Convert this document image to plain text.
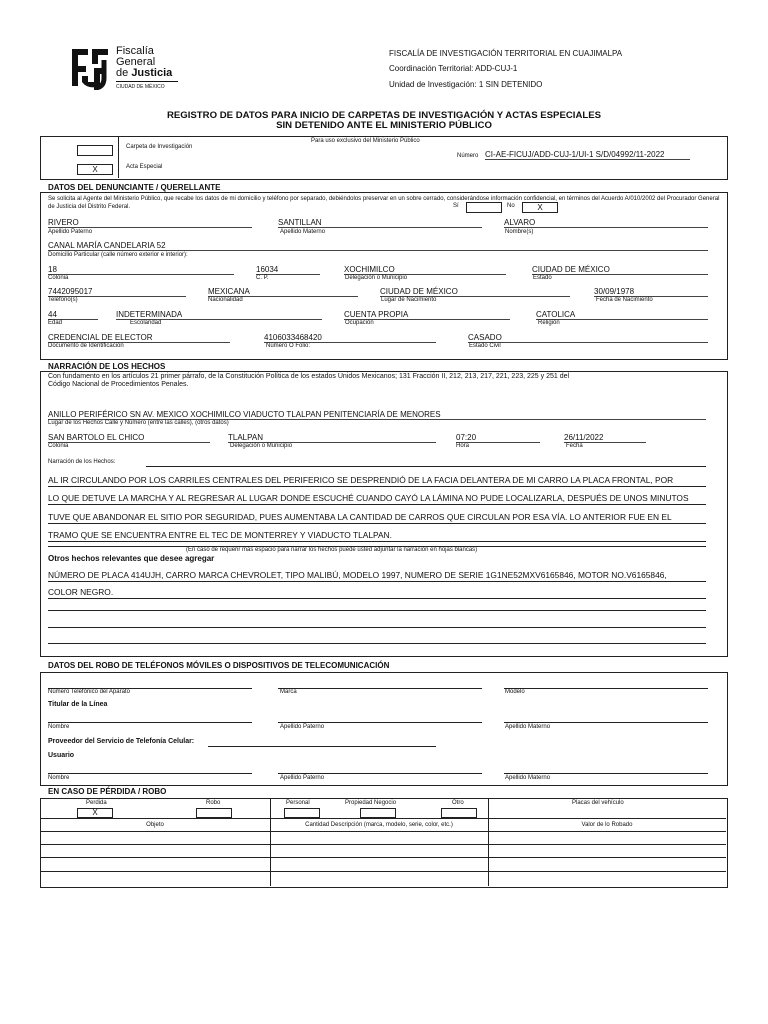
Fiscalía
General
de Justicia
CIUDAD DE MÉXICO
FISCALÍA DE INVESTIGACIÓN TERRITORIAL EN CUAJIMALPA
Coordinación Territorial: ADD-CUJ-1
Unidad de Investigación: 1 SIN DETENIDO
REGISTRO DE DATOS PARA INICIO DE CARPETAS DE INVESTIGACIÓN Y ACTAS ESPECIALES
SIN DETENIDO ANTE EL MINISTERIO PÚBLICO
Para uso exclusivo del Ministerio Público
Carpeta de Investigación
X	Acta Especial
Número CI-AE-FICUJ/ADD-CUJ-1/UI-1 S/D/04992/11-2022
DATOS DEL DENUNCIANTE / QUERELLANTE
Se solicita al Agente del Ministerio Público, que recabe los datos de mi domicilio y teléfono por separado, debiéndolos preservar en un sobre cerrado, considerándose información confidencial, en términos del Acuerdo A/010/2002 del Procurador General de Justicia del Distrito Federal.	Sí	No	X
RIVERO
Apellido Paterno
SANTILLAN
Apellido Materno
ALVARO
Nombre(s)
CANAL MARÍA CANDELARIA 52
Domicilio Particular (calle número exterior e interior):
18
Colonia
16034
C. P.
XOCHIMILCO
Delegación o Municipio
CIUDAD DE MÉXICO
Estado
7442095017
Teléfono(s)
MEXICANA
Nacionalidad
CIUDAD DE MÉXICO
Lugar de Nacimiento
30/09/1978
Fecha de Nacimiento
44
Edad
INDETERMINADA
Escolaridad
CUENTA PROPIA
Ocupación
CATOLICA
Religión
CREDENCIAL DE ELECTOR
Documento de Identificación
4106033468420
Número O Folio:
CASADO
Estado Civil
NARRACIÓN DE LOS HECHOS
Con fundamento en los artículos 21 primer párrafo, de la Constitución Política de los estados Unidos Mexicanos; 131 Fracción II, 212, 213, 217, 221, 223, 225 y 251 del
Código Nacional de Procedimientos Penales.
ANILLO PERIFÉRICO SN AV. MEXICO XOCHIMILCO VIADUCTO TLALPAN PENITENCIARÍA DE MENORES
Lugar de los Hechos Calle y Número (entre las calles), (otros datos)
SAN BARTOLO EL CHICO
Colonia
TLALPAN
Delegación o Municipio
07:20
Hora
26/11/2022
Fecha
Narración de los Hechos:
AL IR CIRCULANDO POR LOS CARRILES CENTRALES DEL PERIFERICO SE DESPRENDIÓ DE LA FACIA DELANTERA DE MI CARRO LA PLACA FRONTAL, POR
LO QUE DETUVE LA MARCHA Y AL REGRESAR AL LUGAR DONDE ESCUCHÉ CUANDO CAYÓ LA LÁMINA NO PUDE LOCALIZARLA, DESPUÉS DE UNOS MINUTOS
TUVE QUE ABANDONAR EL SITIO POR SEGURIDAD, PUES AUMENTABA LA CANTIDAD DE CARROS QUE CIRCULAN POR ESA VÍA. LO ANTERIOR FUE EN EL
TRAMO QUE SE ENCUENTRA ENTRE EL TEC DE MONTERREY Y VIADUCTO TLALPAN.
(En caso de requerir más espacio para narrar los hechos puede usted adjuntar la narración en hojas blancas)
Otros hechos relevantes que desee agregar
NÚMERO DE PLACA 414UJH, CARRO MARCA CHEVROLET, TIPO MALIBÚ, MODELO 1997, NUMERO DE SERIE 1G1NE52MXV6165846, MOTOR NO.V6165846,
COLOR NEGRO.
DATOS DEL ROBO DE TELÉFONOS MÓVILES O DISPOSITIVOS DE TELECOMUNICACIÓN
Número Telefónico del Aparato	Marca	Modelo
Titular de la Línea
Nombre	Apellido Paterno	Apellido Materno
Proveedor del Servicio de Telefonía Celular:
Usuario
Nombre	Apellido Paterno	Apellido Materno
EN CASO DE PÉRDIDA / ROBO
Perdida
X
Robo	Personal	Propiedad Negocio	Otro	Placas del vehículo
Objeto	Cantidad Descripción (marca, modelo, serie, color, etc.)	Valor de lo Robado
